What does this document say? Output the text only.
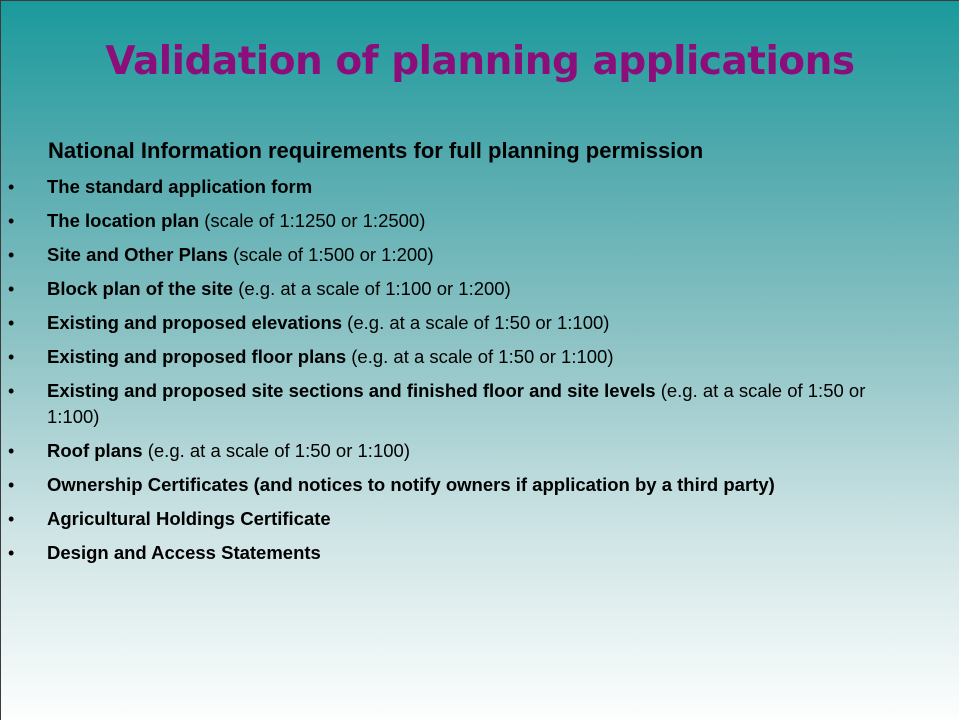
Validation of planning applications

National Information requirements for full planning permission

• The standard application form
• The location plan (scale of 1:1250 or 1:2500)
• Site and Other Plans (scale of 1:500 or 1:200)
• Block plan of the site (e.g. at a scale of 1:100 or 1:200)
• Existing and proposed elevations (e.g. at a scale of 1:50 or 1:100)
• Existing and proposed floor plans (e.g. at a scale of 1:50 or 1:100)
• Existing and proposed site sections and finished floor and site levels (e.g. at a scale of 1:50 or 1:100)
• Roof plans (e.g. at a scale of 1:50 or 1:100)
• Ownership Certificates (and notices to notify owners if application by a third party)
• Agricultural Holdings Certificate
• Design and Access Statements
